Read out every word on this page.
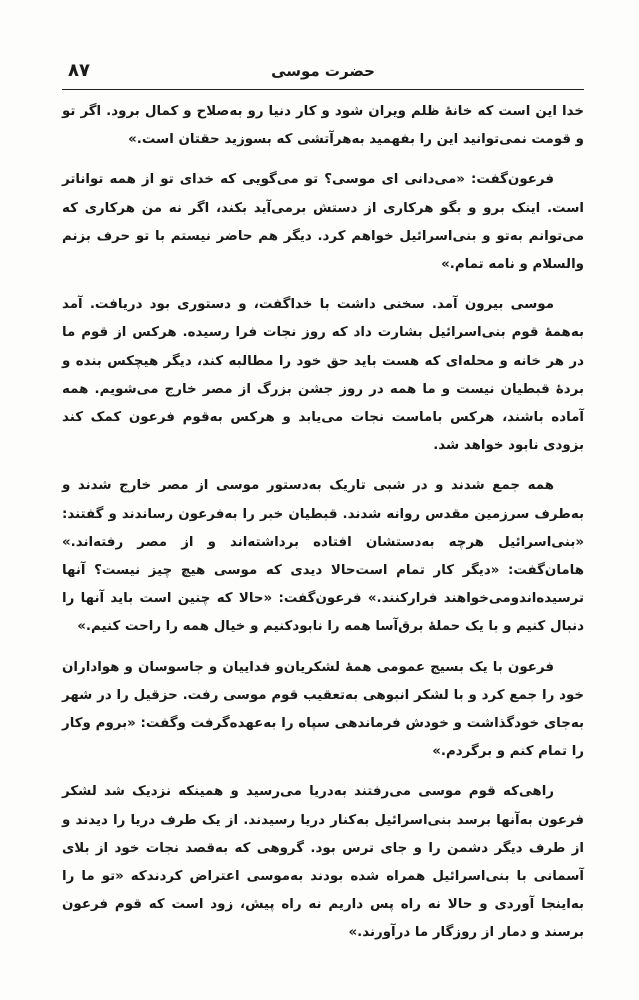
حضرت موسی
۸۷

خدا این است که خانهٔ ظلم ویران شود و کار دنیا رو به‌صلاح و کمال برود. اگر تو و قومت نمی‌توانید این را بفهمید به‌هرآتشی که بسوزید حقتان است.»

فرعون‌گفت: «می‌دانی ای موسی؟ تو می‌گویی‌ که خدای تو از همه تواناتر است. اینک برو و بگو هرکاری از دستش برمی‌آید بکند، اگر نه من هرکاری که می‌توانم به‌تو و بنی‌اسرائیل خواهم‌ کرد. دیگر هم حاضر نیستم با تو حرف بزنم والسلام و نامه تمام.»

موسی بیرون آمد. سخنی داشت با خداگفت، و دستوری بود دریافت. آمد به‌همهٔ قوم بنی‌اسرائیل بشارت داد که روز نجات فرا رسیده. هرکس از قوم ما در هر خانه و محله‌ای که هست باید حق خود را مطالبه کند، دیگر هیچکس بنده و بردهٔ قبطیان نیست و ما همه در روز جشن بزرگ از مصر خارج می‌شویم. همه آماده باشند، هرکس باماست نجات می‌یابد و هرکس به‌قوم فرعون کمک کند بزودی نابود خواهد شد.

همه جمع شدند و در شبی تاریک به‌دستور موسی از مصر خارج شدند و به‌طرف سرزمین مقدس روانه شدند. قبطیان خبر را به‌فرعون رساندند و گفتند: «بنی‌اسرائیل هرچه به‌دستشان افتاده برداشته‌اند و از مصر رفته‌اند.» هامان‌گفت: «دیگر کار تمام است‌حالا دیدی که موسی هیچ چیز نیست؟ آنها ترسیده‌اندومی‌خواهند فرارکنند.» فرعون‌گفت: «حالا که چنین است باید آنها را دنبال‌ کنیم و با یک حملهٔ برق‌آسا همه را نابودکنیم و خیال همه را راحت‌ کنیم.»

فرعون با یک بسیج عمومی همهٔ لشکریان‌و فداییان و جاسوسان و هواداران خود را جمع کرد و با لشکر انبوهی به‌تعقیب قوم موسی رفت. حزقیل را در شهر به‌جای خودگذاشت و خودش فرماندهی سپاه را به‌عهده‌گرفت وگفت: «بروم وکار را تمام کنم و برگردم.»

راهی‌که قوم موسی می‌رفتند به‌دریا می‌رسید و همینکه نزدیک شد لشکر فرعون به‌آنها برسد بنی‌اسرائیل به‌کنار دریا رسیدند. از یک طرف دریا را دیدند و از طرف دیگر دشمن را و جای ترس بود. گروهی که به‌قصد نجات خود از بلای آسمانی با بنی‌اسرائیل همراه شده بودند به‌موسی اعتراض کردندکه «تو ما را به‌اینجا آوردی و حالا نه راه پس داریم نه راه پیش، زود است که قوم فرعون برسند و دمار از روزگار ما درآورند.»
